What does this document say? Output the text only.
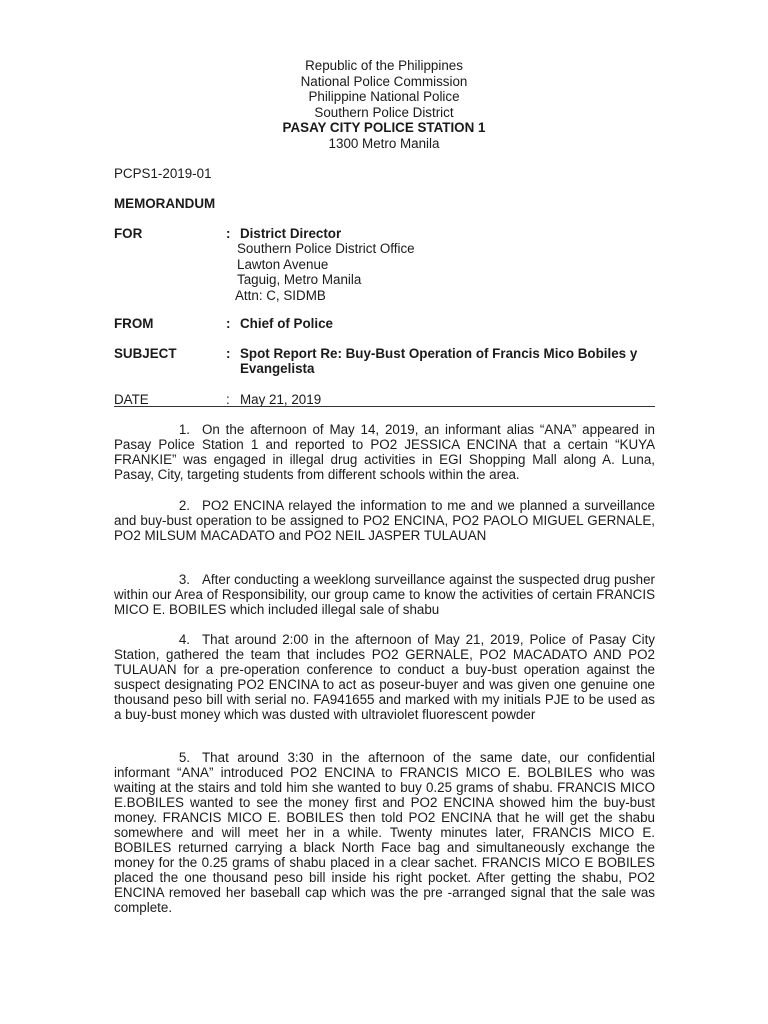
Republic of the Philippines
National Police Commission
Philippine National Police
Southern Police District
PASAY CITY POLICE STATION 1
1300 Metro Manila
PCPS1-2019-01
MEMORANDUM
FOR	: District Director
Southern Police District Office
Lawton Avenue
Taguig, Metro Manila
Attn: C, SIDMB
FROM	: Chief of Police
SUBJECT	: Spot Report Re: Buy-Bust Operation of Francis Mico Bobiles y Evangelista
DATE	: May 21, 2019
1. On the afternoon of May 14, 2019, an informant alias “ANA” appeared in Pasay Police Station 1 and reported to PO2 JESSICA ENCINA that a certain “KUYA FRANKIE” was engaged in illegal drug activities in EGI Shopping Mall along A. Luna, Pasay, City, targeting students from different schools within the area.
2. PO2 ENCINA relayed the information to me and we planned a surveillance and buy-bust operation to be assigned to PO2 ENCINA, PO2 PAOLO MIGUEL GERNALE, PO2 MILSUM MACADATO and PO2 NEIL JASPER TULAUAN
3. After conducting a weeklong surveillance against the suspected drug pusher within our Area of Responsibility, our group came to know the activities of certain FRANCIS MICO E. BOBILES which included illegal sale of shabu
4. That around 2:00 in the afternoon of May 21, 2019, Police of Pasay City Station, gathered the team that includes PO2 GERNALE, PO2 MACADATO AND PO2 TULAUAN for a pre-operation conference to conduct a buy-bust operation against the suspect designating PO2 ENCINA to act as poseur-buyer and was given one genuine one thousand peso bill with serial no. FA941655 and marked with my initials PJE to be used as a buy-bust money which was dusted with ultraviolet fluorescent powder
5. That around 3:30 in the afternoon of the same date, our confidential informant “ANA” introduced PO2 ENCINA to FRANCIS MICO E. BOLBILES who was waiting at the stairs and told him she wanted to buy 0.25 grams of shabu. FRANCIS MICO E.BOBILES wanted to see the money first and PO2 ENCINA showed him the buy-bust money. FRANCIS MICO E. BOBILES then told PO2 ENCINA that he will get the shabu somewhere and will meet her in a while. Twenty minutes later, FRANCIS MICO E. BOBILES returned carrying a black North Face bag and simultaneously exchange the money for the 0.25 grams of shabu placed in a clear sachet. FRANCIS MICO E BOBILES placed the one thousand peso bill inside his right pocket. After getting the shabu, PO2 ENCINA removed her baseball cap which was the pre -arranged signal that the sale was complete.
